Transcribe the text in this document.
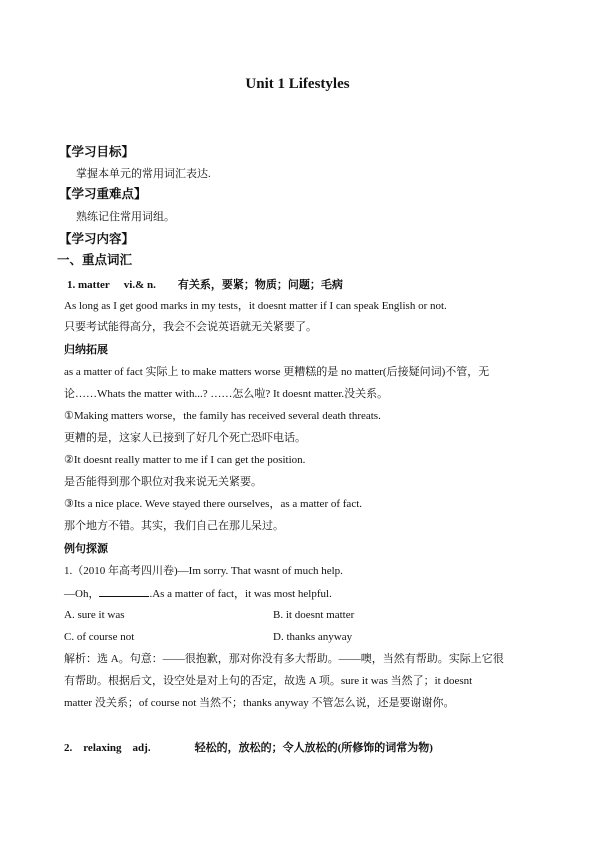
Unit 1 Lifestyles
【学习目标】
掌握本单元的常用词汇表达.
【学习重难点】
熟练记住常用词组。
【学习内容】
一、重点词汇
1. matter vi.& n. 有关系，要紧；物质；问题；毛病
As long as I get good marks in my tests，it doesnt matter if I can speak English or not.
只要考试能得高分，我会不会说英语就无关紧要了。
归纳拓展
as a matter of fact 实际上 to make matters worse 更糟糕的是 no matter(后接疑问词)不管，无
论……Whats the matter with...? ……怎么啦? It doesnt matter.没关系。
①Making matters worse，the family has received several death threats.
更糟的是，这家人已接到了好几个死亡恐吓电话。
②It doesnt really matter to me if I can get the position.
是否能得到那个职位对我来说无关紧要。
③Its a nice place. Weve stayed there ourselves，as a matter of fact.
那个地方不错。其实，我们自己在那儿呆过。
例句探源
1.（2010 年高考四川卷)—Im sorry. That wasnt of much help.
—Oh，	.As a matter of fact，it was most helpful.
A. sure it was	B. it doesnt matter
C. of course not	D. thanks anyway
解析：选 A。句意：——很抱歉，那对你没有多大帮助。——噢，当然有帮助。实际上它很
有帮助。根据后文，设空处是对上句的否定，故选 A 项。sure it was 当然了；it doesnt
matter 没关系；of course not 当然不；thanks anyway 不管怎么说，还是要谢谢你。
2.    relaxing    adj.	轻松的，放松的；令人放松的(所修饰的词常为物)
